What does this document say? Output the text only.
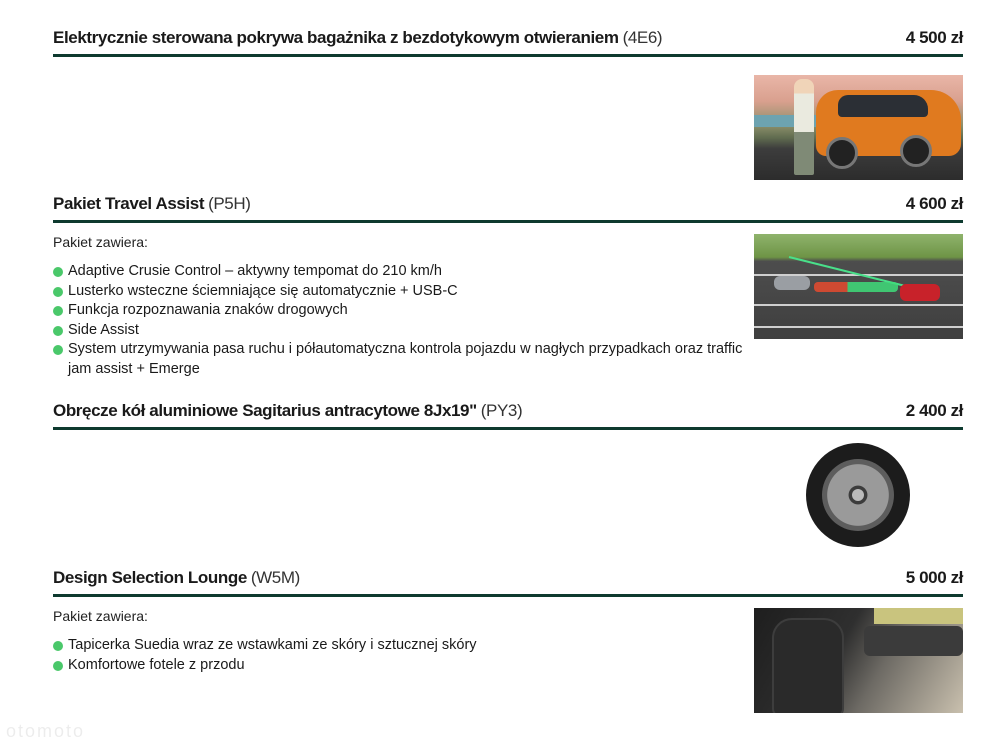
Elektrycznie sterowana pokrywa bagażnika z bezdotykowym otwieraniem (4E6)	4 500 zł
Pakiet Travel Assist (P5H)	4 600 zł
Pakiet zawiera:
Adaptive Crusie Control – aktywny tempomat do 210 km/h
Lusterko wsteczne ściemniające się automatycznie + USB-C
Funkcja rozpoznawania znaków drogowych
Side Assist
System utrzymywania pasa ruchu i półautomatyczna kontrola pojazdu w nagłych przypadkach oraz traffic jam assist + Emerge
Obręcze kół aluminiowe Sagitarius antracytowe 8Jx19" (PY3)	2 400 zł
Design Selection Lounge (W5M)	5 000 zł
Pakiet zawiera:
Tapicerka Suedia wraz ze wstawkami ze skóry i sztucznej skóry
Komfortowe fotele z przodu
otomoto
